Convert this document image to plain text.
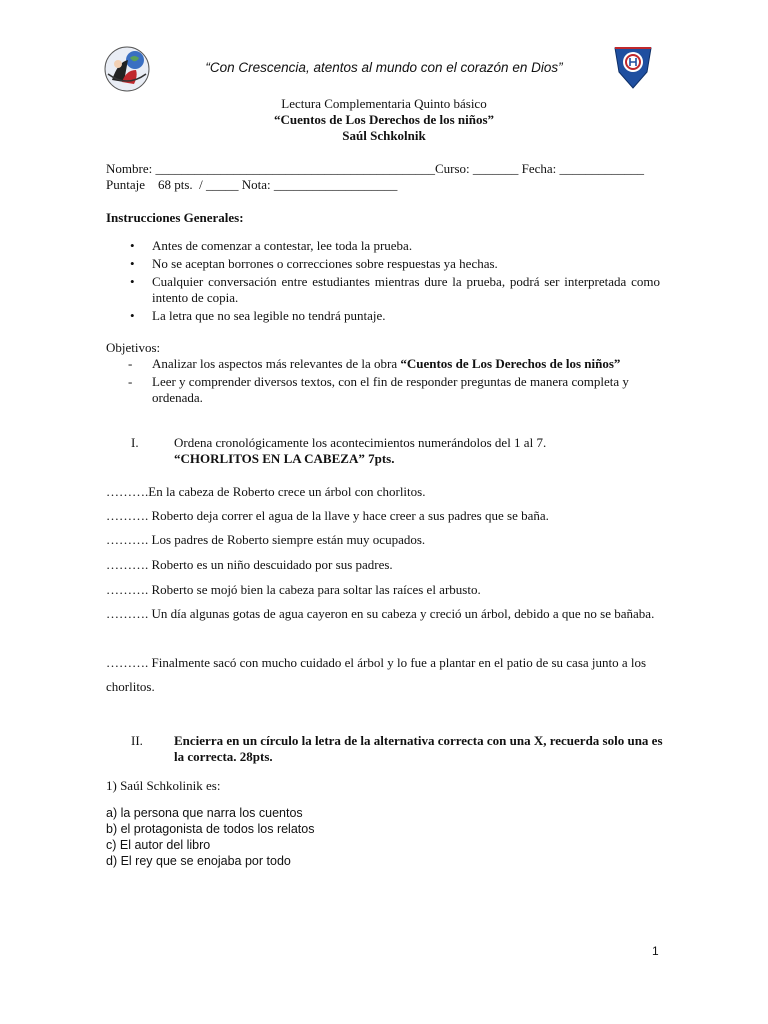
“Con Crescencia, atentos al mundo con el corazón en Dios”
Lectura Complementaria Quinto básico
“Cuentos de Los Derechos de los niños”
Saúl Schkolnik
Nombre: ___________________________________________Curso: _______ Fecha: _____________
Puntaje    68 pts.  / _____ Nota: ___________________
Instrucciones Generales:
• Antes de comenzar a contestar, lee toda la prueba.
• No se aceptan borrones o correcciones sobre respuestas ya hechas.
• Cualquier conversación entre estudiantes mientras dure la prueba, podrá ser interpretada como intento de copia.
• La letra que no sea legible no tendrá puntaje.
Objetivos:
- Analizar los aspectos más relevantes de la obra “Cuentos de Los Derechos de los niños”
- Leer y comprender diversos textos, con el fin de responder preguntas de manera completa y ordenada.
I.	Ordena cronológicamente los acontecimientos numerándolos del 1 al 7.
“CHORLITOS EN LA CABEZA” 7pts.
……….En la cabeza de Roberto crece un árbol con chorlitos.
………. Roberto deja correr el agua de la llave y hace creer a sus padres que se baña.
………. Los padres de Roberto siempre están muy ocupados.
………. Roberto es un niño descuidado por sus padres.
………. Roberto se mojó bien la cabeza para soltar las raíces el arbusto.
………. Un día algunas gotas de agua cayeron en su cabeza y creció un árbol, debido a que no se bañaba.
………. Finalmente sacó con mucho cuidado el árbol y lo fue a plantar en el patio de su casa junto a los chorlitos.
II. Encierra en un círculo la letra de la alternativa correcta con una X, recuerda solo una es la correcta. 28pts.
1) Saúl Schkolinik es:
a) la persona que narra los cuentos
b) el protagonista de todos los relatos
c) El autor del libro
d) El rey que se enojaba por todo
1
